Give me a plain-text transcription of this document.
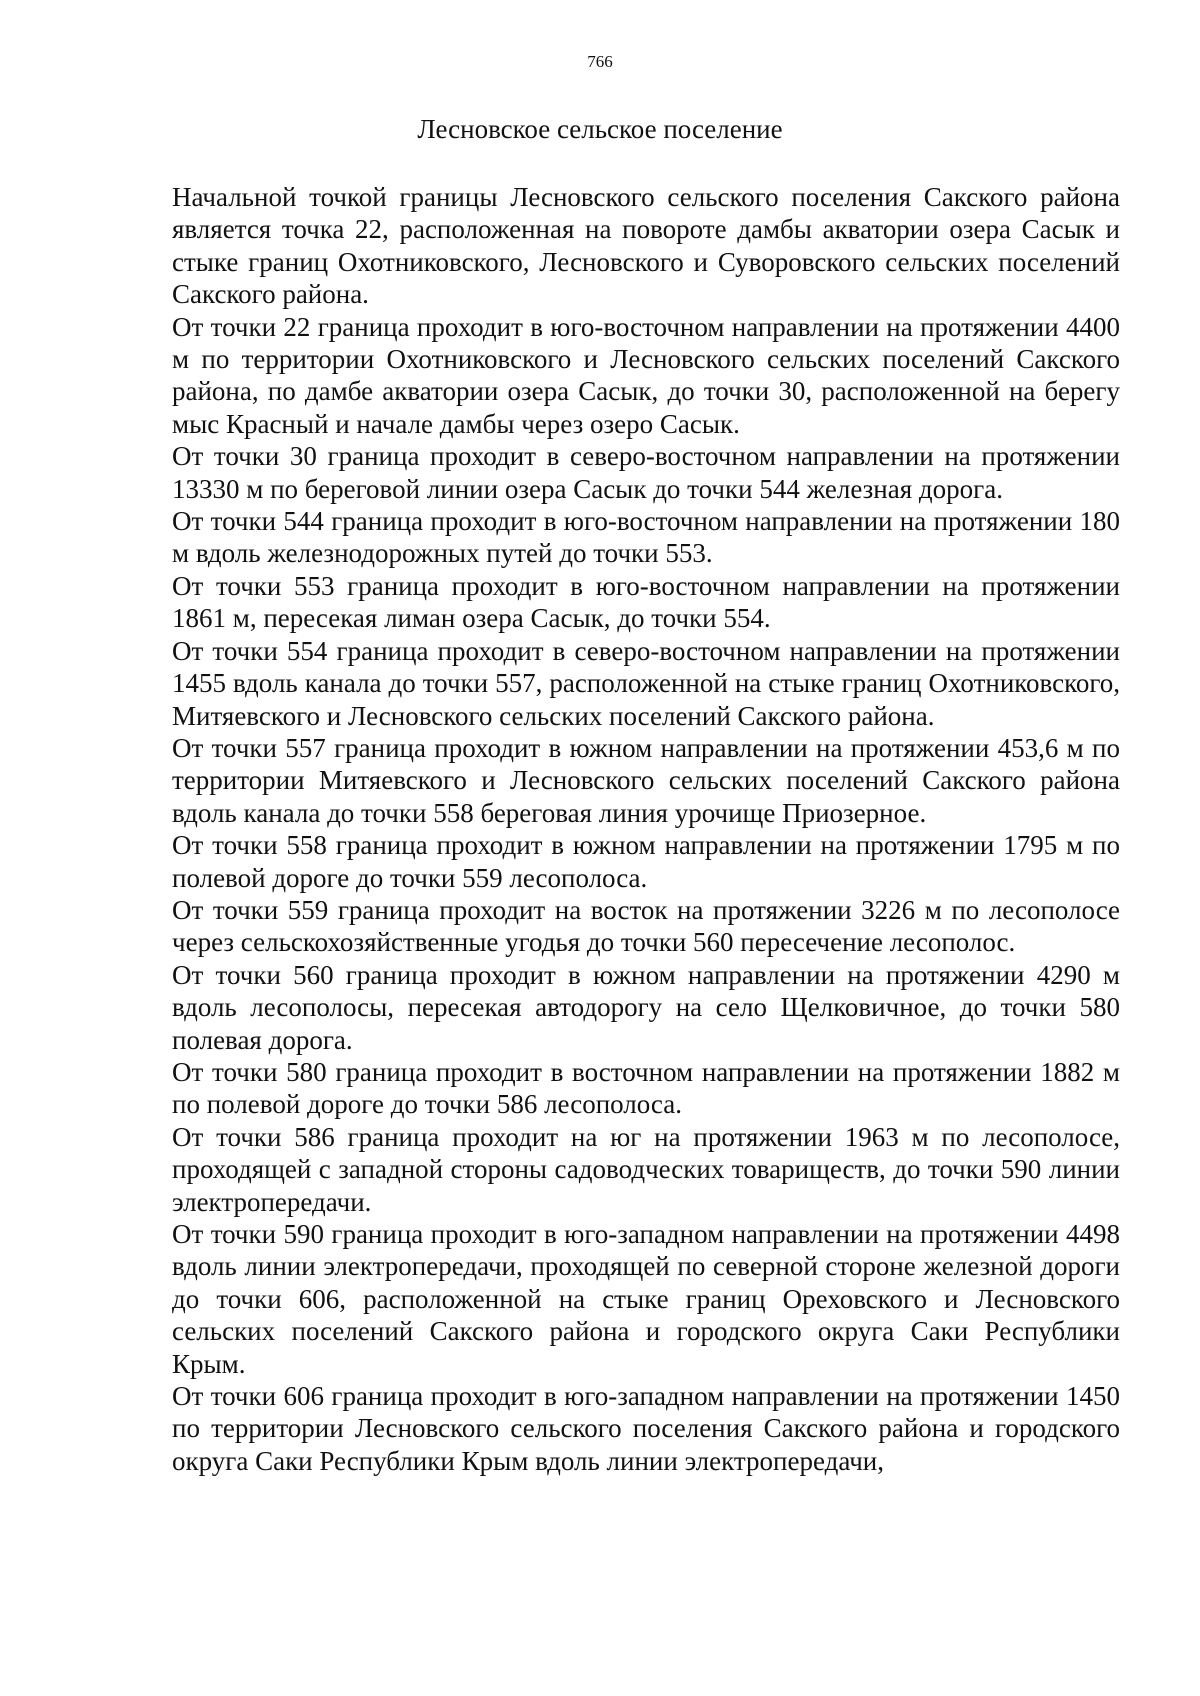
766
Лесновское сельское поселение

Начальной точкой границы Лесновского сельского поселения Сакского района является точка 22, расположенная на повороте дамбы акватории озера Сасык и стыке границ Охотниковского, Лесновского и Суворовского сельских поселений Сакского района.

От точки 22 граница проходит в юго-восточном направлении на протяжении 4400 м по территории Охотниковского и Лесновского сельских поселений Сакского района, по дамбе акватории озера Сасык, до точки 30, расположенной на берегу мыс Красный и начале дамбы через озеро Сасык.

От точки 30 граница проходит в северо-восточном направлении на протяжении 13330 м по береговой линии озера Сасык до точки 544 железная дорога.

От точки 544 граница проходит в юго-восточном направлении на протяжении 180 м вдоль железнодорожных путей до точки 553.

От точки 553 граница проходит в юго-восточном направлении на протяжении 1861 м, пересекая лиман озера Сасык, до точки 554.

От точки 554 граница проходит в северо-восточном направлении на протяжении 1455 вдоль канала до точки 557, расположенной на стыке границ Охотниковского, Митяевского и Лесновского сельских поселений Сакского района.

От точки 557 граница проходит в южном направлении на протяжении 453,6 м по территории Митяевского и Лесновского сельских поселений Сакского района вдоль канала до точки 558 береговая линия урочище Приозерное.

От точки 558 граница проходит в южном направлении на протяжении 1795 м по полевой дороге до точки 559 лесополоса.

От точки 559 граница проходит на восток на протяжении 3226 м по лесополосе через сельскохозяйственные угодья до точки 560 пересечение лесополос.

От точки 560 граница проходит в южном направлении на протяжении 4290 м вдоль лесополосы, пересекая автодорогу на село Щелковичное, до точки 580 полевая дорога.

От точки 580 граница проходит в восточном направлении на протяжении 1882 м по полевой дороге до точки 586 лесополоса.

От точки 586 граница проходит на юг на протяжении 1963 м по лесополосе, проходящей с западной стороны садоводческих товариществ, до точки 590 линии электропередачи.

От точки 590 граница проходит в юго-западном направлении на протяжении 4498 вдоль линии электропередачи, проходящей по северной стороне железной дороги до точки 606, расположенной на стыке границ Ореховского и Лесновского сельских поселений Сакского района и городского округа Саки Республики Крым.

От точки 606 граница проходит в юго-западном направлении на протяжении 1450 по территории Лесновского сельского поселения Сакского района и городского округа Саки Республики Крым вдоль линии электропередачи,
